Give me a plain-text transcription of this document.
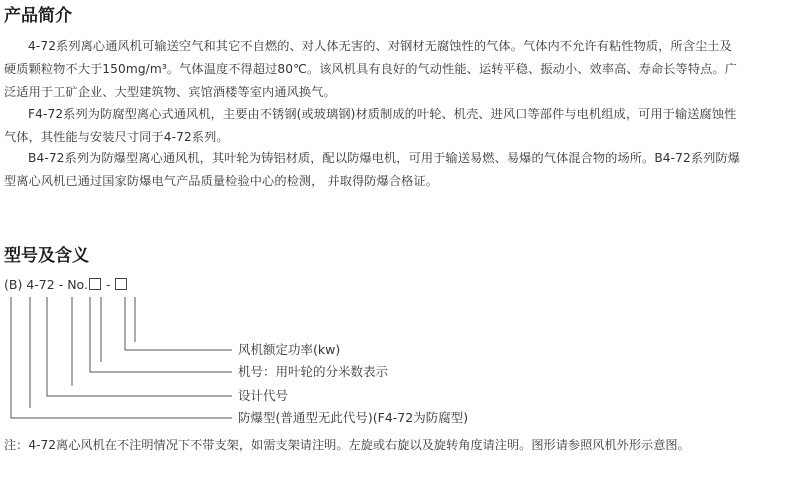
产品简介

4-72系列离心通风机可输送空气和其它不自燃的、对人体无害的、对钢材无腐蚀性的气体。气体内不允许有粘性物质，所含尘土及
硬质颗粒物不大于150mg/m³。气体温度不得超过80℃。该风机具有良好的气动性能、运转平稳、振动小、效率高、寿命长等特点。广
泛适用于工矿企业、大型建筑物、宾馆酒楼等室内通风换气。

F4-72系列为防腐型离心式通风机，主要由不锈钢(或玻璃钢)材质制成的叶轮、机壳、进风口等部件与电机组成，可用于输送腐蚀性
气体，其性能与安装尺寸同于4-72系列。

B4-72系列为防爆型离心通风机，其叶轮为铸铝材质，配以防爆电机，可用于输送易燃、易爆的气体混合物的场所。B4-72系列防爆
型离心风机已通过国家防爆电气产品质量检验中心的检测， 并取得防爆合格证。

型号及含义
(B) 4-72 - No. -
风机额定功率(kw)
机号：用叶轮的分米数表示
设计代号
防爆型(普通型无此代号)(F4-72为防腐型)
注：4-72离心风机在不注明情况下不带支架，如需支架请注明。左旋或右旋以及旋转角度请注明。图形请参照风机外形示意图。
